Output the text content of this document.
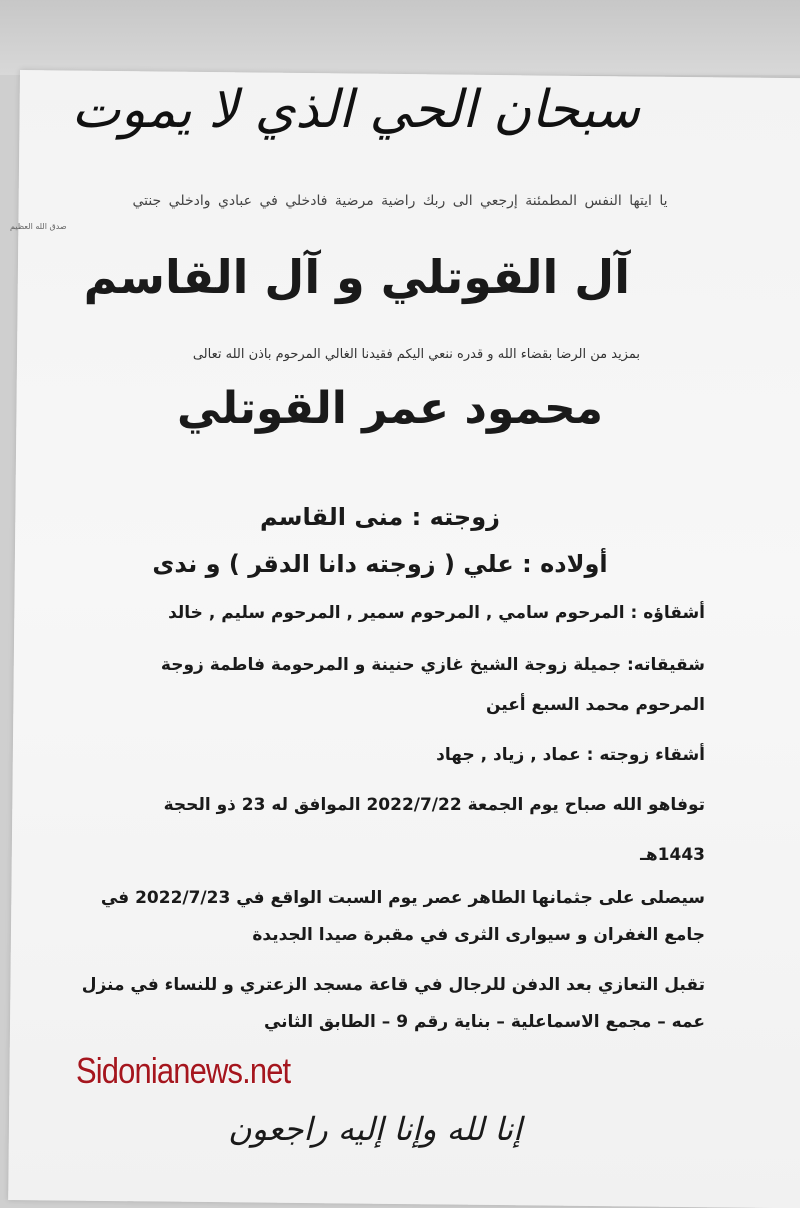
سبحان الحي الذي لا يموت
يا ايتها النفس المطمئنة إرجعي الى ربك راضية مرضية فادخلي في عبادي وادخلي جنتي
صدق الله العظيم
آل القوتلي و آل القاسم
بمزيد من الرضا بقضاء الله و قدره ننعي اليكم فقيدنا الغالي المرحوم باذن الله تعالى
محمود عمر القوتلي
زوجته : منى القاسم
أولاده : علي ( زوجته دانا الدقر ) و ندى
أشقاؤه : المرحوم سامي , المرحوم سمير , المرحوم سليم , خالد
شقيقاته: جميلة زوجة الشيخ غازي حنينة و المرحومة فاطمة زوجة
المرحوم محمد السبع أعين
أشقاء زوجته : عماد , زياد , جهاد
توفاهو الله صباح يوم الجمعة 2022/7/22 الموافق له 23 ذو الحجة
1443هـ
سيصلى على جثمانها الطاهر عصر يوم السبت الواقع في 2022/7/23 في
جامع الغفران و سيوارى الثرى في مقبرة صيدا الجديدة
تقبل التعازي بعد الدفن للرجال في قاعة مسجد الزعتري و للنساء في منزل
عمه – مجمع الاسماعلية – بناية رقم 9 – الطابق الثاني
Sidonianews.net
إنا لله وإنا إليه راجعون
